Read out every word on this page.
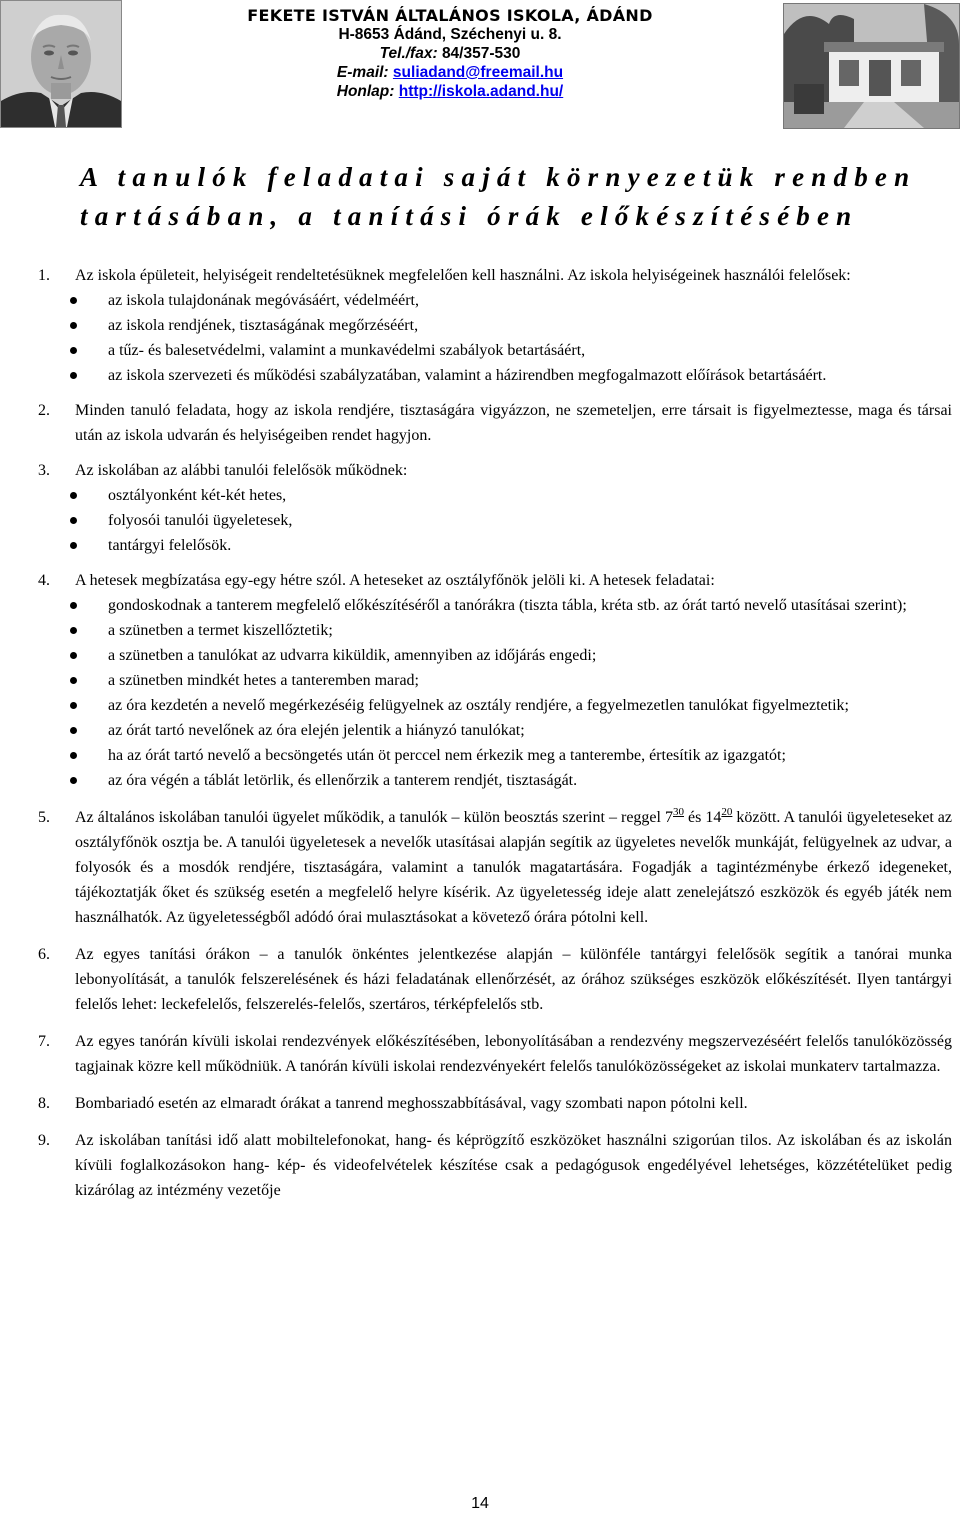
FEKETE ISTVÁN ÁLTALÁNOS ISKOLA, ÁDÁND
H-8653 Ádánd, Széchenyi u. 8.
Tel./fax: 84/357-530
E-mail: suliadand@freemail.hu
Honlap: http://iskola.adand.hu/
A tanulók feladatai saját környezetük rendben
tartásában, a tanítási órák előkészítésében
1. Az iskola épületeit, helyiségeit rendeltetésüknek megfelelően kell használni. Az iskola helyiségeinek használói felelősek:
az iskola tulajdonának megóvásáért, védelméért,
az iskola rendjének, tisztaságának megőrzéséért,
a tűz- és balesetvédelmi, valamint a munkavédelmi szabályok betartásáért,
az iskola szervezeti és működési szabályzatában, valamint a házirendben megfogalmazott előírások betartásáért.
2. Minden tanuló feladata, hogy az iskola rendjére, tisztaságára vigyázzon, ne szemeteljen, erre társait is figyelmeztesse, maga és társai után az iskola udvarán és helyiségeiben rendet hagyjon.
3. Az iskolában az alábbi tanulói felelősök működnek:
osztályonként két-két hetes,
folyosói tanulói ügyeletesek,
tantárgyi felelősök.
4. A hetesek megbízatása egy-egy hétre szól. A heteseket az osztályfőnök jelöli ki. A hetesek feladatai:
gondoskodnak a tanterem megfelelő előkészítéséről a tanórákra (tiszta tábla, kréta stb. az órát tartó nevelő utasításai szerint);
a szünetben a termet kiszellőztetik;
a szünetben a tanulókat az udvarra kiküldik, amennyiben az időjárás engedi;
a szünetben mindkét hetes a tanteremben marad;
az óra kezdetén a nevelő megérkezéséig felügyelnek az osztály rendjére, a fegyelmezetlen tanulókat figyelmeztetik;
az órát tartó nevelőnek az óra elején jelentik a hiányzó tanulókat;
ha az órát tartó nevelő a becsöngetés után öt perccel nem érkezik meg a tanterembe, értesítik az igazgatót;
az óra végén a táblát letörlik, és ellenőrzik a tanterem rendjét, tisztaságát.
5. Az általános iskolában tanulói ügyelet működik, a tanulók – külön beosztás szerint – reggel $7^{30}$ és $14^{20}$ között. A tanulói ügyeleteseket az osztályfőnök osztja be. A tanulói ügyeletesek a nevelők utasításai alapján segítik az ügyeletes nevelők munkáját, felügyelnek az udvar, a folyosók és a mosdók rendjére, tisztaságára, valamint a tanulók magatartására. Fogadják a tagintézménybe érkező idegeneket, tájékoztatják őket és szükség esetén a megfelelő helyre kísérik. Az ügyeletesség ideje alatt zenelejátszó eszközök és egyéb játék nem használhatók. Az ügyeletességből adódó órai mulasztásokat a követező órára pótolni kell.
6. Az egyes tanítási órákon – a tanulók önkéntes jelentkezése alapján – különféle tantárgyi felelősök segítik a tanórai munka lebonyolítását, a tanulók felszerelésének és házi feladatának ellenőrzését, az órához szükséges eszközök előkészítését. Ilyen tantárgyi felelős lehet: leckefelelős, felszerelés-felelős, szertáros, térképfelelős stb.
7. Az egyes tanórán kívüli iskolai rendezvények előkészítésében, lebonyolításában a rendezvény megszervezéséért felelős tanulóközösség tagjainak közre kell működniük. A tanórán kívüli iskolai rendezvényekért felelős tanulóközösségeket az iskolai munkaterv tartalmazza.
8. Bombariadó esetén az elmaradt órákat a tanrend meghosszabbításával, vagy szombati napon pótolni kell.
9. Az iskolában tanítási idő alatt mobiltelefonokat, hang- és képrögzítő eszközöket használni szigorúan tilos. Az iskolában és az iskolán kívüli foglalkozásokon hang- kép- és videofelvételek készítése csak a pedagógusok engedélyével lehetséges, közzétételüket pedig kizárólag az intézmény vezetője
14
